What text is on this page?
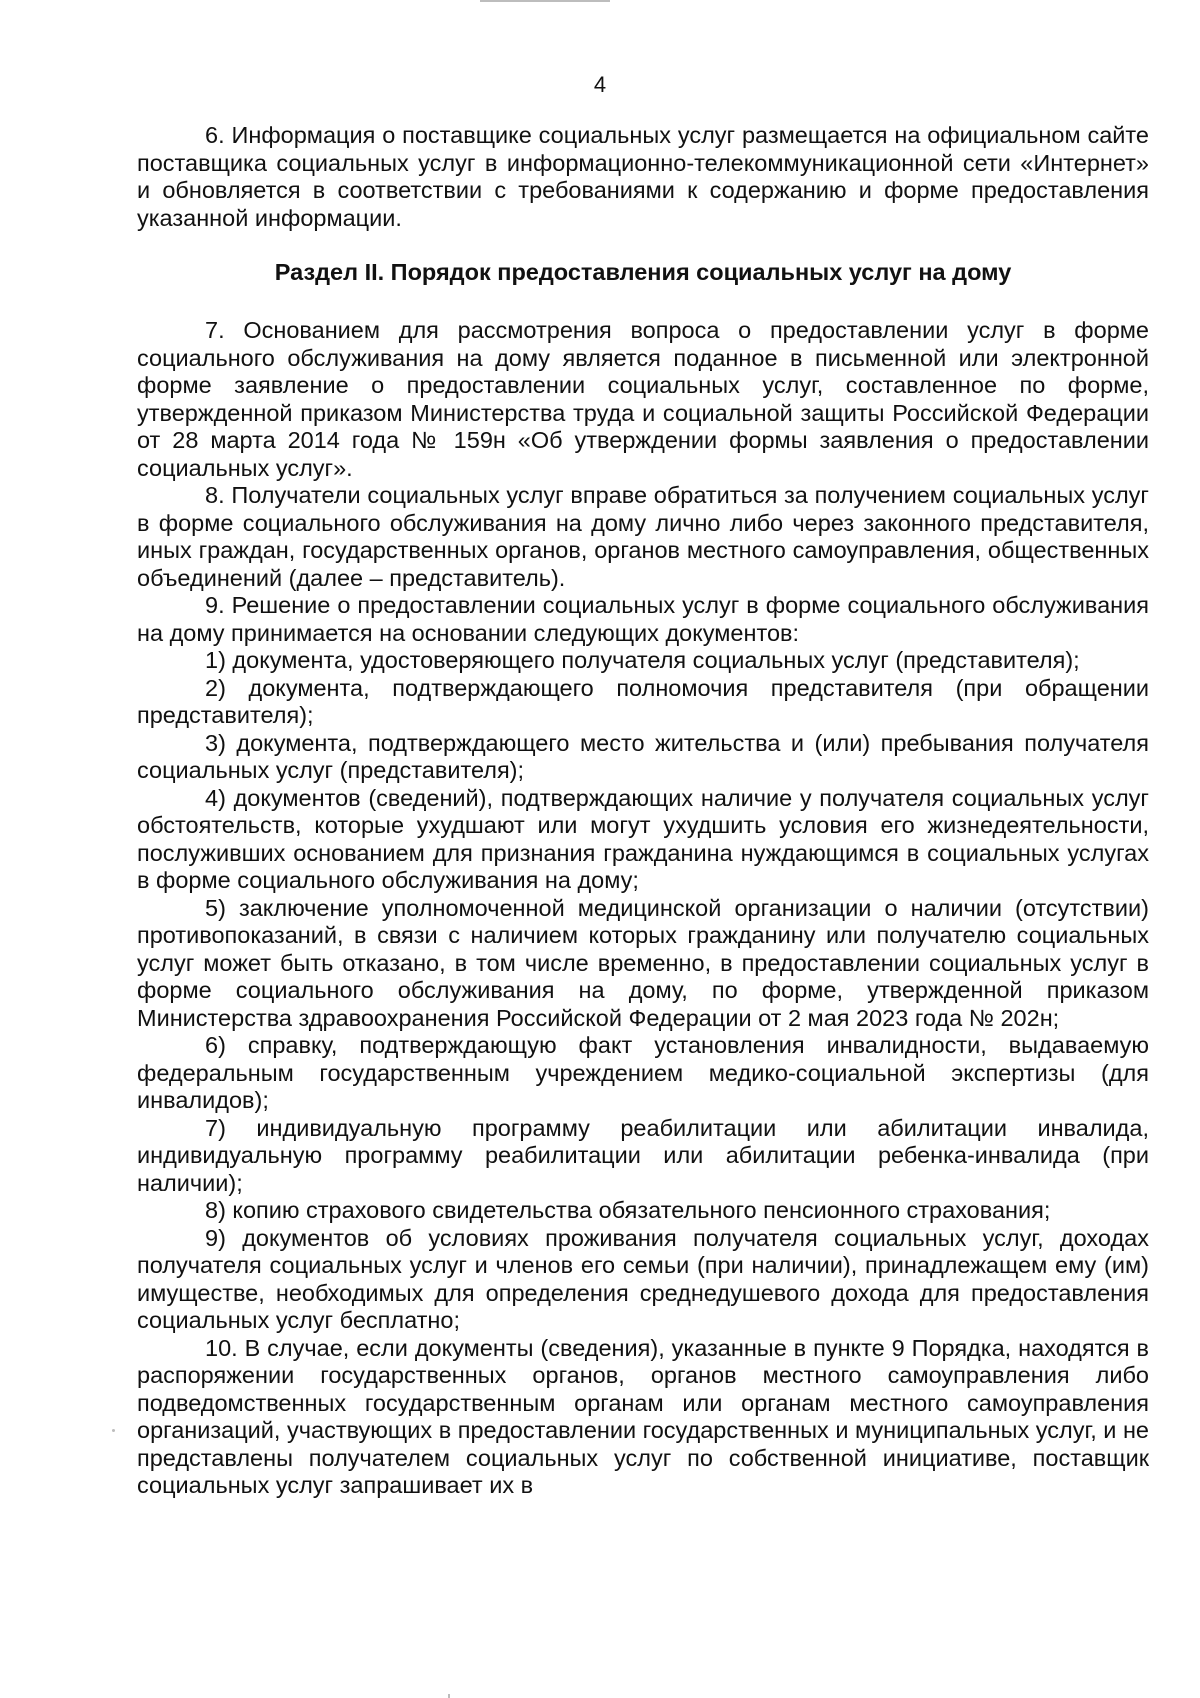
4

6. Информация о поставщике социальных услуг размещается на официальном сайте поставщика социальных услуг в информационно-телекоммуникационной сети «Интернет» и обновляется в соответствии с требованиями к содержанию и форме предоставления указанной информации.

Раздел II. Порядок предоставления социальных услуг на дому

7. Основанием для рассмотрения вопроса о предоставлении услуг в форме социального обслуживания на дому является поданное в письменной или электронной форме заявление о предоставлении социальных услуг, составленное по форме, утвержденной приказом Министерства труда и социальной защиты Российской Федерации от 28 марта 2014 года № 159н «Об утверждении формы заявления о предоставлении социальных услуг».

8. Получатели социальных услуг вправе обратиться за получением социальных услуг в форме социального обслуживания на дому лично либо через законного представителя, иных граждан, государственных органов, органов местного самоуправления, общественных объединений (далее – представитель).

9. Решение о предоставлении социальных услуг в форме социального обслуживания на дому принимается на основании следующих документов:

1) документа, удостоверяющего получателя социальных услуг (представителя);

2) документа, подтверждающего полномочия представителя (при обращении представителя);

3) документа, подтверждающего место жительства и (или) пребывания получателя социальных услуг (представителя);

4) документов (сведений), подтверждающих наличие у получателя социальных услуг обстоятельств, которые ухудшают или могут ухудшить условия его жизнедеятельности, послуживших основанием для признания гражданина нуждающимся в социальных услугах в форме социального обслуживания на дому;

5) заключение уполномоченной медицинской организации о наличии (отсутствии) противопоказаний, в связи с наличием которых гражданину или получателю социальных услуг может быть отказано, в том числе временно, в предоставлении социальных услуг в форме социального обслуживания на дому, по форме, утвержденной приказом Министерства здравоохранения Российской Федерации от 2 мая 2023 года № 202н;

6) справку, подтверждающую факт установления инвалидности, выдаваемую федеральным государственным учреждением медико-социальной экспертизы (для инвалидов);

7) индивидуальную программу реабилитации или абилитации инвалида, индивидуальную программу реабилитации или абилитации ребенка-инвалида (при наличии);

8) копию страхового свидетельства обязательного пенсионного страхования;

9) документов об условиях проживания получателя социальных услуг, доходах получателя социальных услуг и членов его семьи (при наличии), принадлежащем ему (им) имуществе, необходимых для определения среднедушевого дохода для предоставления социальных услуг бесплатно;

10. В случае, если документы (сведения), указанные в пункте 9 Порядка, находятся в распоряжении государственных органов, органов местного самоуправления либо подведомственных государственным органам или органам местного самоуправления организаций, участвующих в предоставлении государственных и муниципальных услуг, и не представлены получателем социальных услуг по собственной инициативе, поставщик социальных услуг запрашивает их в
